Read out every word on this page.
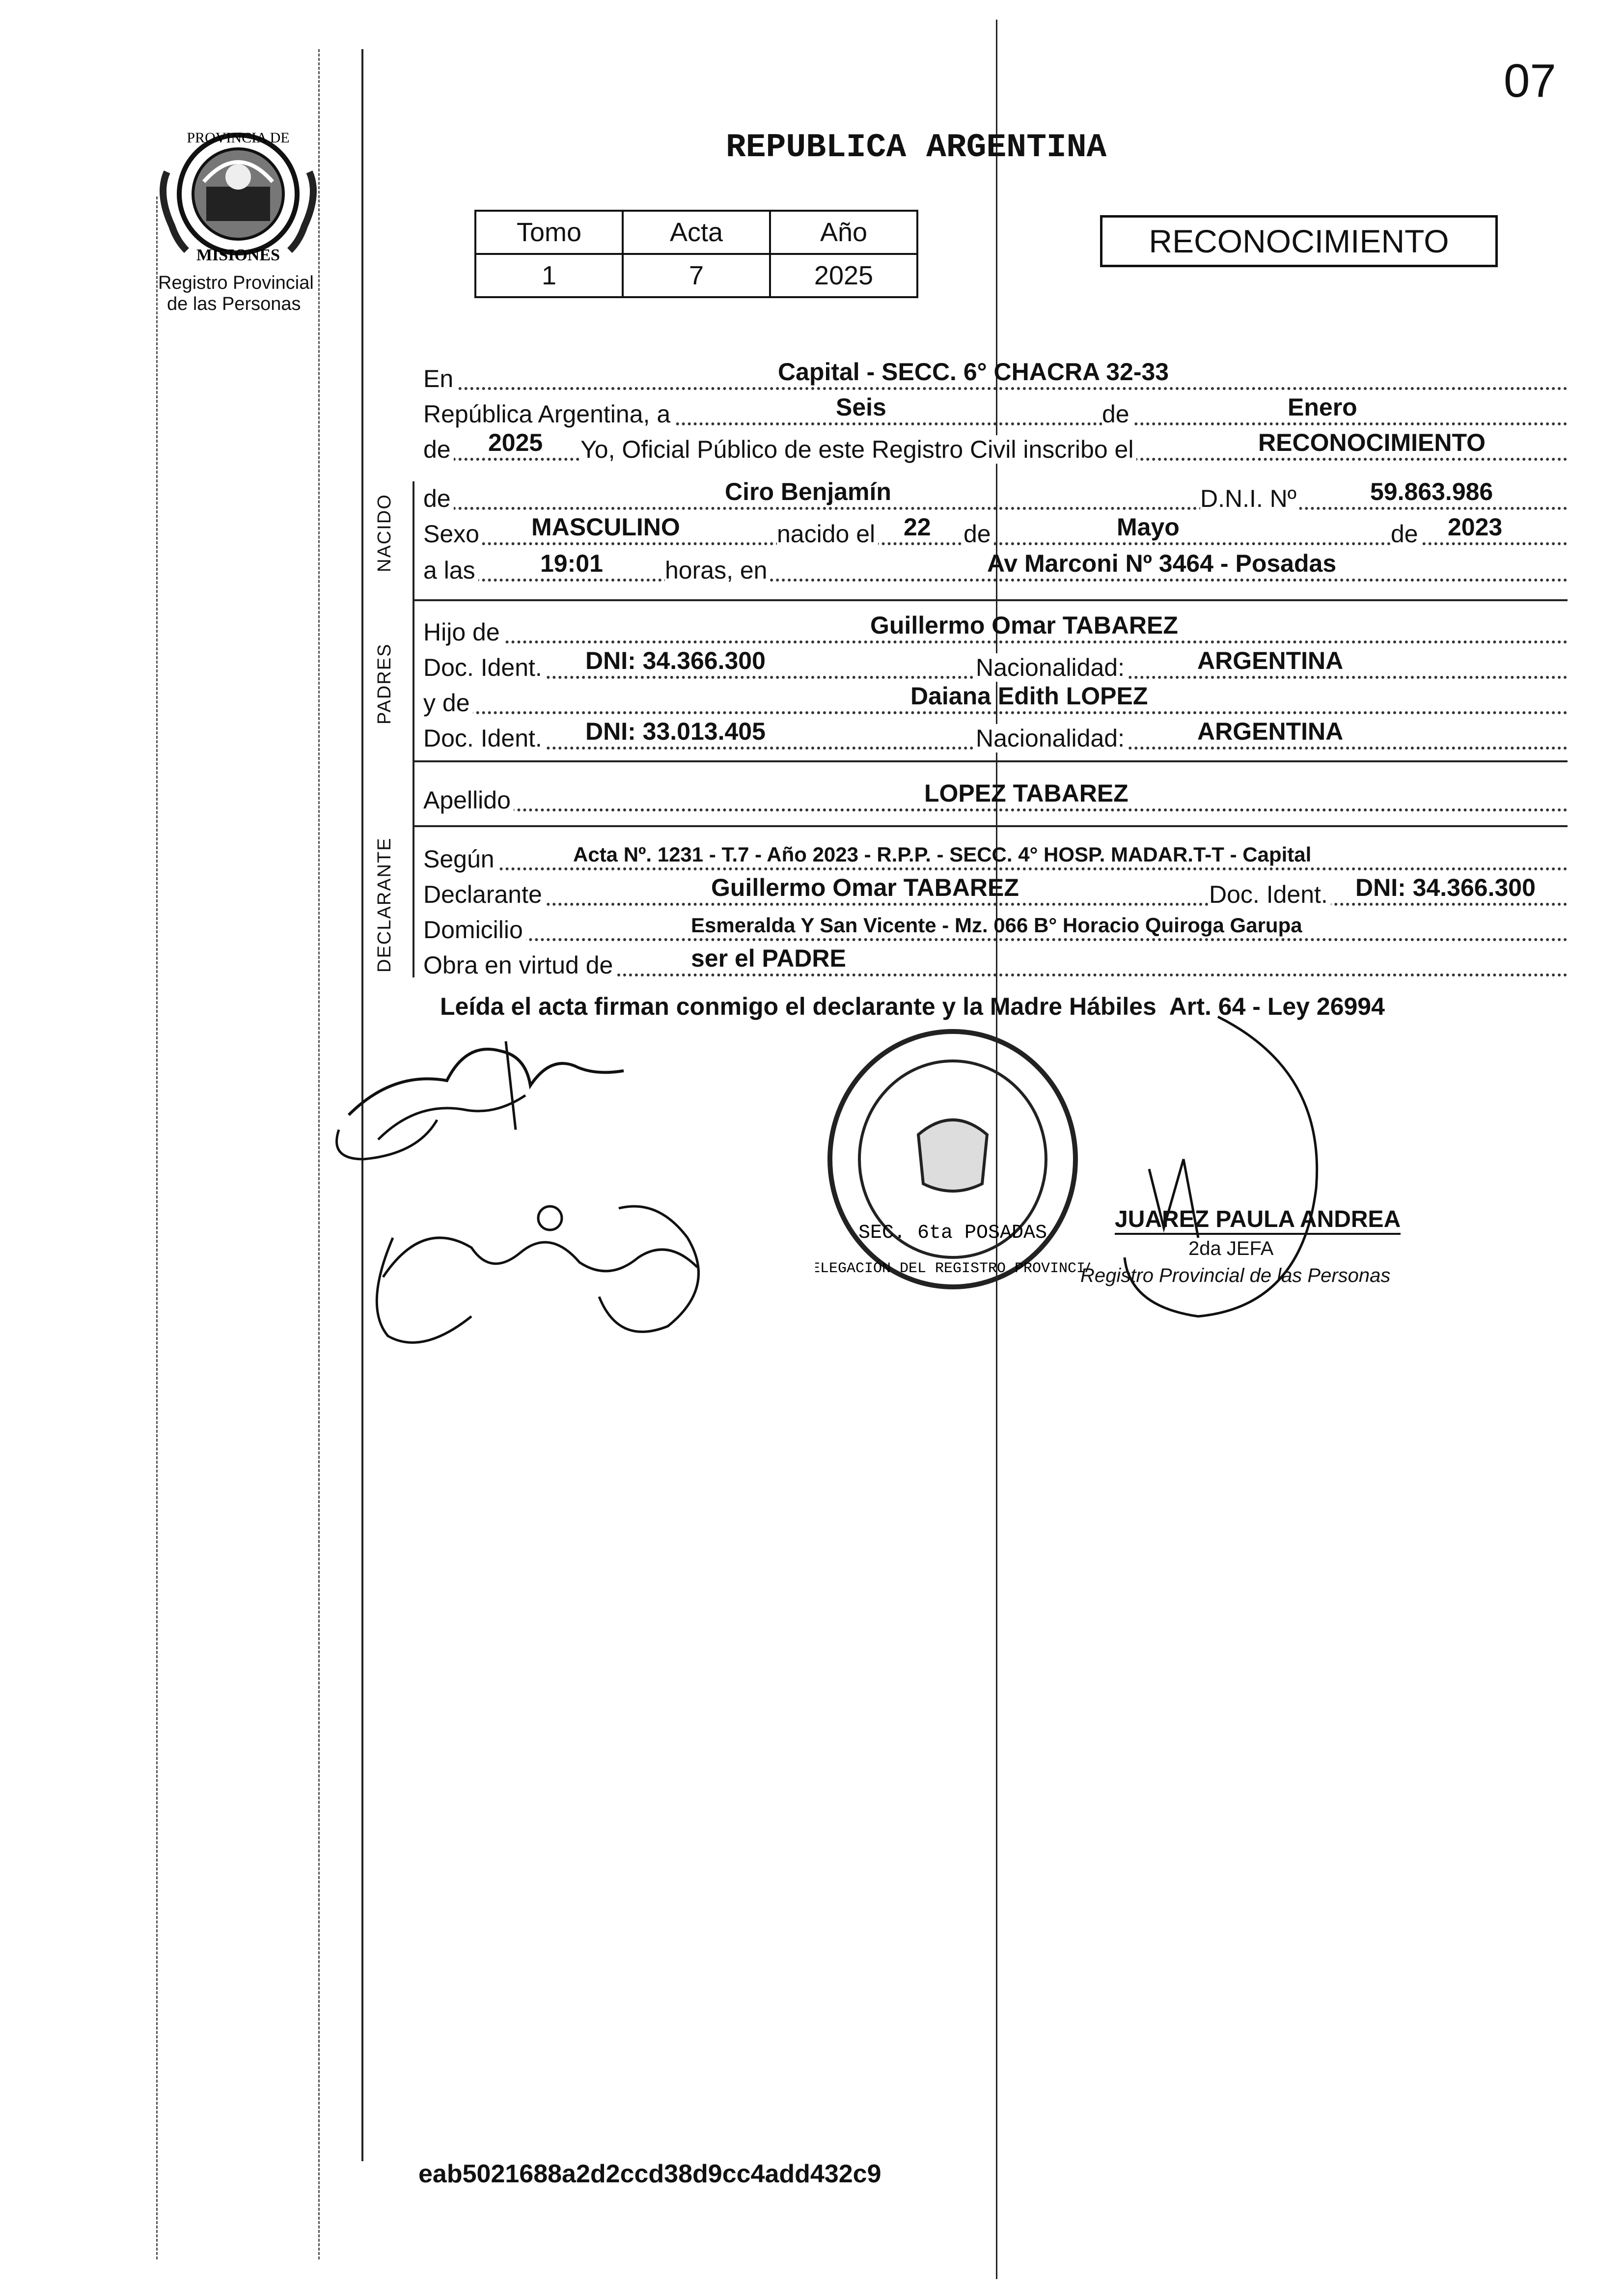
07
PROVINCIA DE
MISIONES
Registro Provincial
de las Personas
REPUBLICA ARGENTINA
Tomo	Acta	Año
1	7	2025
RECONOCIMIENTO
NACIDO
PADRES
DECLARANTE
En	Capital - SECC. 6° CHACRA 32-33
República Argentina, a	Seis	de	Enero
de 2025 Yo, Oficial Público de este Registro Civil inscribo el	RECONOCIMIENTO
de	Ciro Benjamín	D.N.I. Nº	59.863.986
Sexo MASCULINO	nacido el 22 de	Mayo	de 2023
a las	19:01	horas, en	Av Marconi Nº 3464 - Posadas
Hijo de	Guillermo Omar TABAREZ
Doc. Ident. DNI: 34.366.300	Nacionalidad:	ARGENTINA
y de	Daiana Edith LOPEZ
Doc. Ident. DNI: 33.013.405	Nacionalidad:	ARGENTINA
Apellido	LOPEZ TABAREZ
Según	Acta Nº. 1231 - T.7 - Año 2023 - R.P.P. - SECC. 4° HOSP. MADAR.T-T - Capital
Declarante	Guillermo Omar TABAREZ	Doc. Ident. DNI: 34.366.300
Domicilio	Esmeralda Y San Vicente - Mz. 066 B° Horacio Quiroga Garupa
Obra en virtud de	ser el PADRE
Leída el acta firman conmigo el declarante y la Madre Hábiles  Art. 64 - Ley 26994
DELEGACIÓN DEL REGISTRO PROVINCIAL
SEC. 6ta POSADAS
JUAREZ PAULA ANDREA
2da JEFA
Registro Provincial de las Personas
eab5021688a2d2ccd38d9cc4add432c9
